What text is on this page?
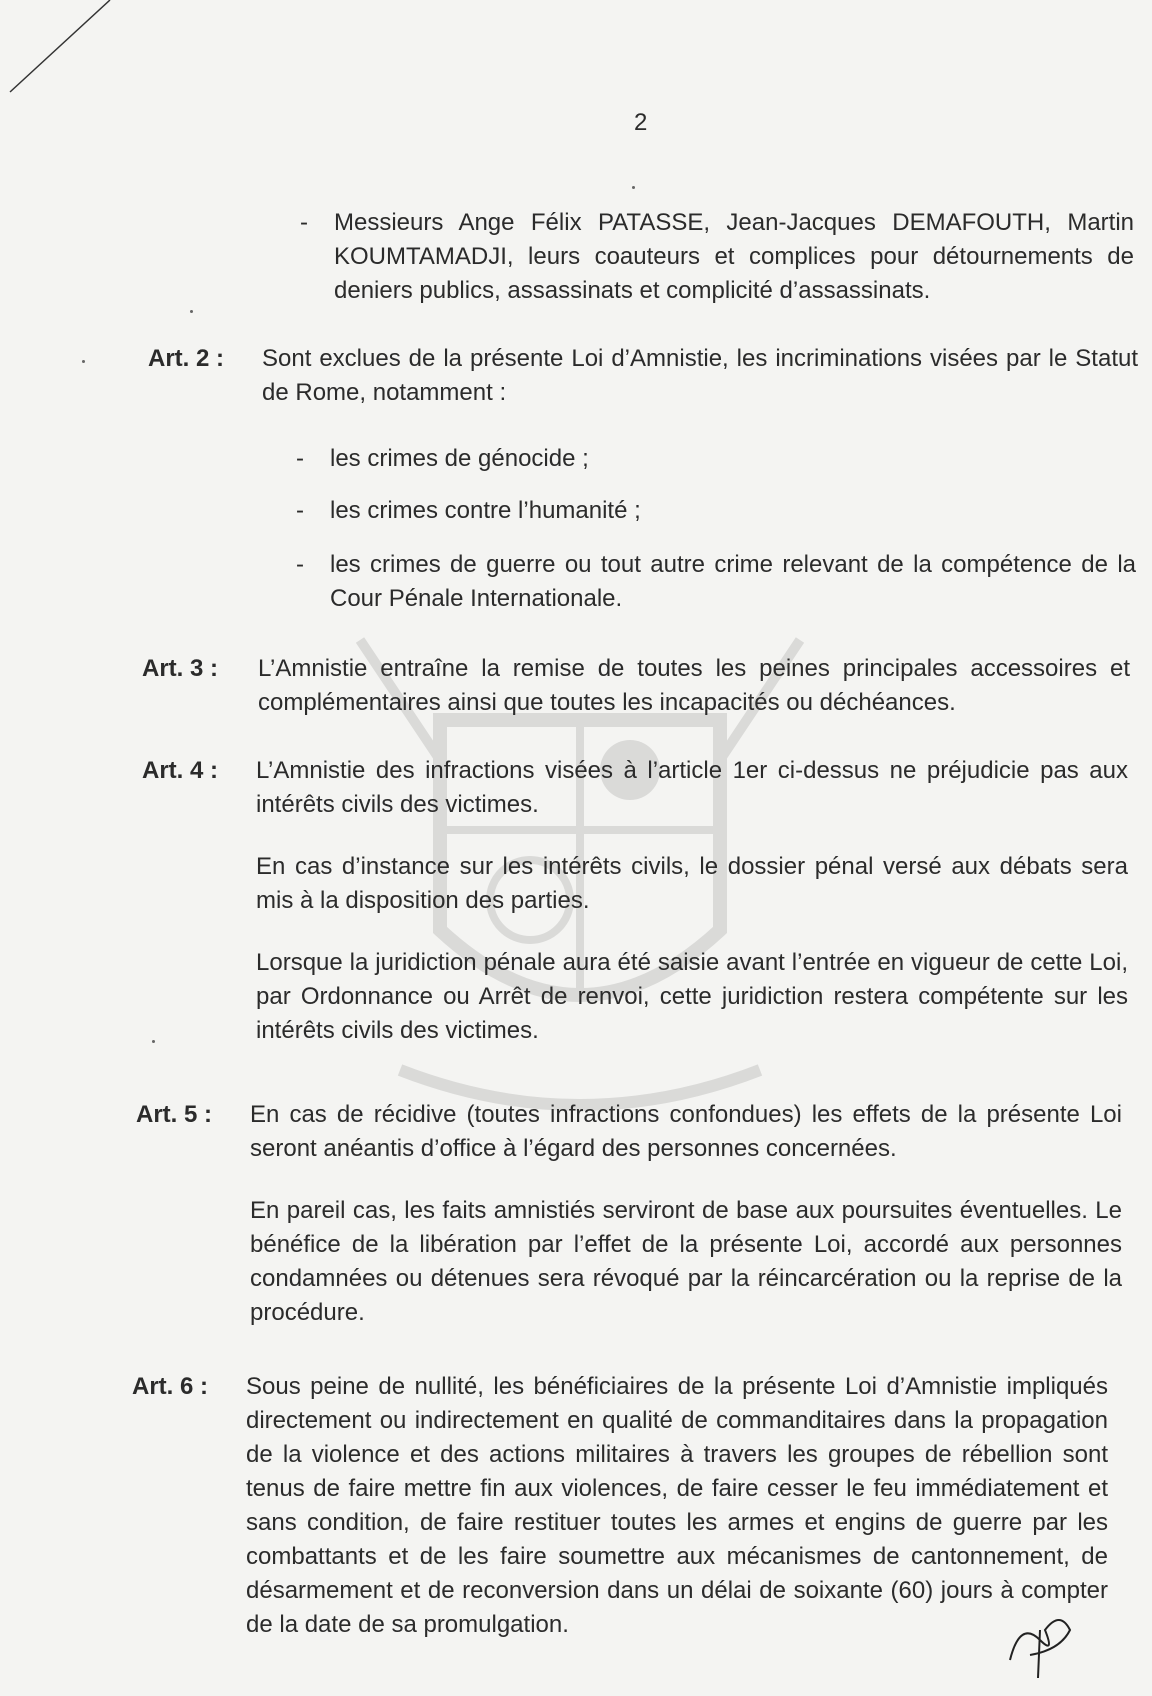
2
-	Messieurs Ange Félix PATASSE, Jean-Jacques DEMAFOUTH, Martin KOUMTAMADJI, leurs coauteurs et complices pour détournements de deniers publics, assassinats et complicité d’assassinats.
Art. 2 : Sont exclues de la présente Loi d’Amnistie, les incriminations visées par le Statut de Rome, notamment :

-	les crimes de génocide ;
-	les crimes contre l’humanité ;
-	les crimes de guerre ou tout autre crime relevant de la compétence de la Cour Pénale Internationale.
Art. 3 : L’Amnistie entraîne la remise de toutes les peines principales accessoires et complémentaires ainsi que toutes les incapacités ou déchéances.

Art. 4 : L’Amnistie des infractions visées à l’article 1er ci-dessus ne préjudicie pas aux intérêts civils des victimes.

En cas d’instance sur les intérêts civils, le dossier pénal versé aux débats sera mis à la disposition des parties.

Lorsque la juridiction pénale aura été saisie avant l’entrée en vigueur de cette Loi, par Ordonnance ou Arrêt de renvoi, cette juridiction restera compétente sur les intérêts civils des victimes.

Art. 5 : En cas de récidive (toutes infractions confondues) les effets de la présente Loi seront anéantis d’office à l’égard des personnes concernées.

En pareil cas, les faits amnistiés serviront de base aux poursuites éventuelles. Le bénéfice de la libération par l’effet de la présente Loi, accordé aux personnes condamnées ou détenues sera révoqué par la réincarcération ou la reprise de la procédure.

Art. 6 : Sous peine de nullité, les bénéficiaires de la présente Loi d’Amnistie impliqués directement ou indirectement en qualité de commanditaires dans la propagation de la violence et des actions militaires à travers les groupes de rébellion sont tenus de faire mettre fin aux violences, de faire cesser le feu immédiatement et sans condition, de faire restituer toutes les armes et engins de guerre par les combattants et de les faire soumettre aux mécanismes de cantonnement, de désarmement et de reconversion dans un délai de soixante (60) jours à compter de la date de sa promulgation.
